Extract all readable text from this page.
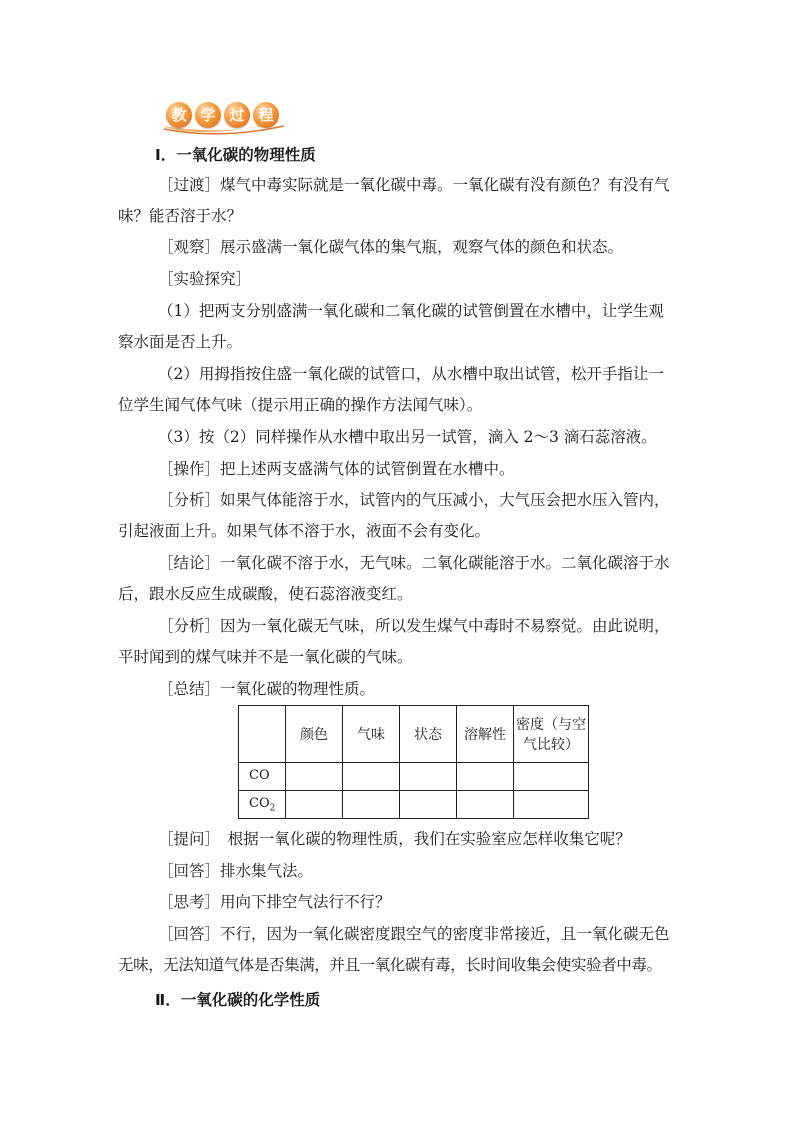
教 学 过 程
Ⅰ．一氧化碳的物理性质
［过渡］煤气中毒实际就是一氧化碳中毒。一氧化碳有没有颜色？有没有气
味？能否溶于水？
［观察］展示盛满一氧化碳气体的集气瓶，观察气体的颜色和状态。
［实验探究］
（1）把两支分别盛满一氧化碳和二氧化碳的试管倒置在水槽中，让学生观
察水面是否上升。
（2）用拇指按住盛一氧化碳的试管口，从水槽中取出试管，松开手指让一
位学生闻气体气味（提示用正确的操作方法闻气味）。
（3）按（2）同样操作从水槽中取出另一试管，滴入 2～3 滴石蕊溶液。
［操作］把上述两支盛满气体的试管倒置在水槽中。
［分析］如果气体能溶于水，试管内的气压减小，大气压会把水压入管内，
引起液面上升。如果气体不溶于水，液面不会有变化。
［结论］一氧化碳不溶于水，无气味。二氧化碳能溶于水。二氧化碳溶于水
后，跟水反应生成碳酸，使石蕊溶液变红。
［分析］因为一氧化碳无气味，所以发生煤气中毒时不易察觉。由此说明，
平时闻到的煤气味并不是一氧化碳的气味。
［总结］一氧化碳的物理性质。
	颜色	气味	状态	溶解性	密度（与空
气比较）
CO					
$CO_2$					
［提问］　根据一氧化碳的物理性质，我们在实验室应怎样收集它呢？
［回答］排水集气法。
［思考］用向下排空气法行不行？
［回答］不行，因为一氧化碳密度跟空气的密度非常接近，且一氧化碳无色
无味，无法知道气体是否集满，并且一氧化碳有毒，长时间收集会使实验者中毒。
Ⅱ．一氧化碳的化学性质
